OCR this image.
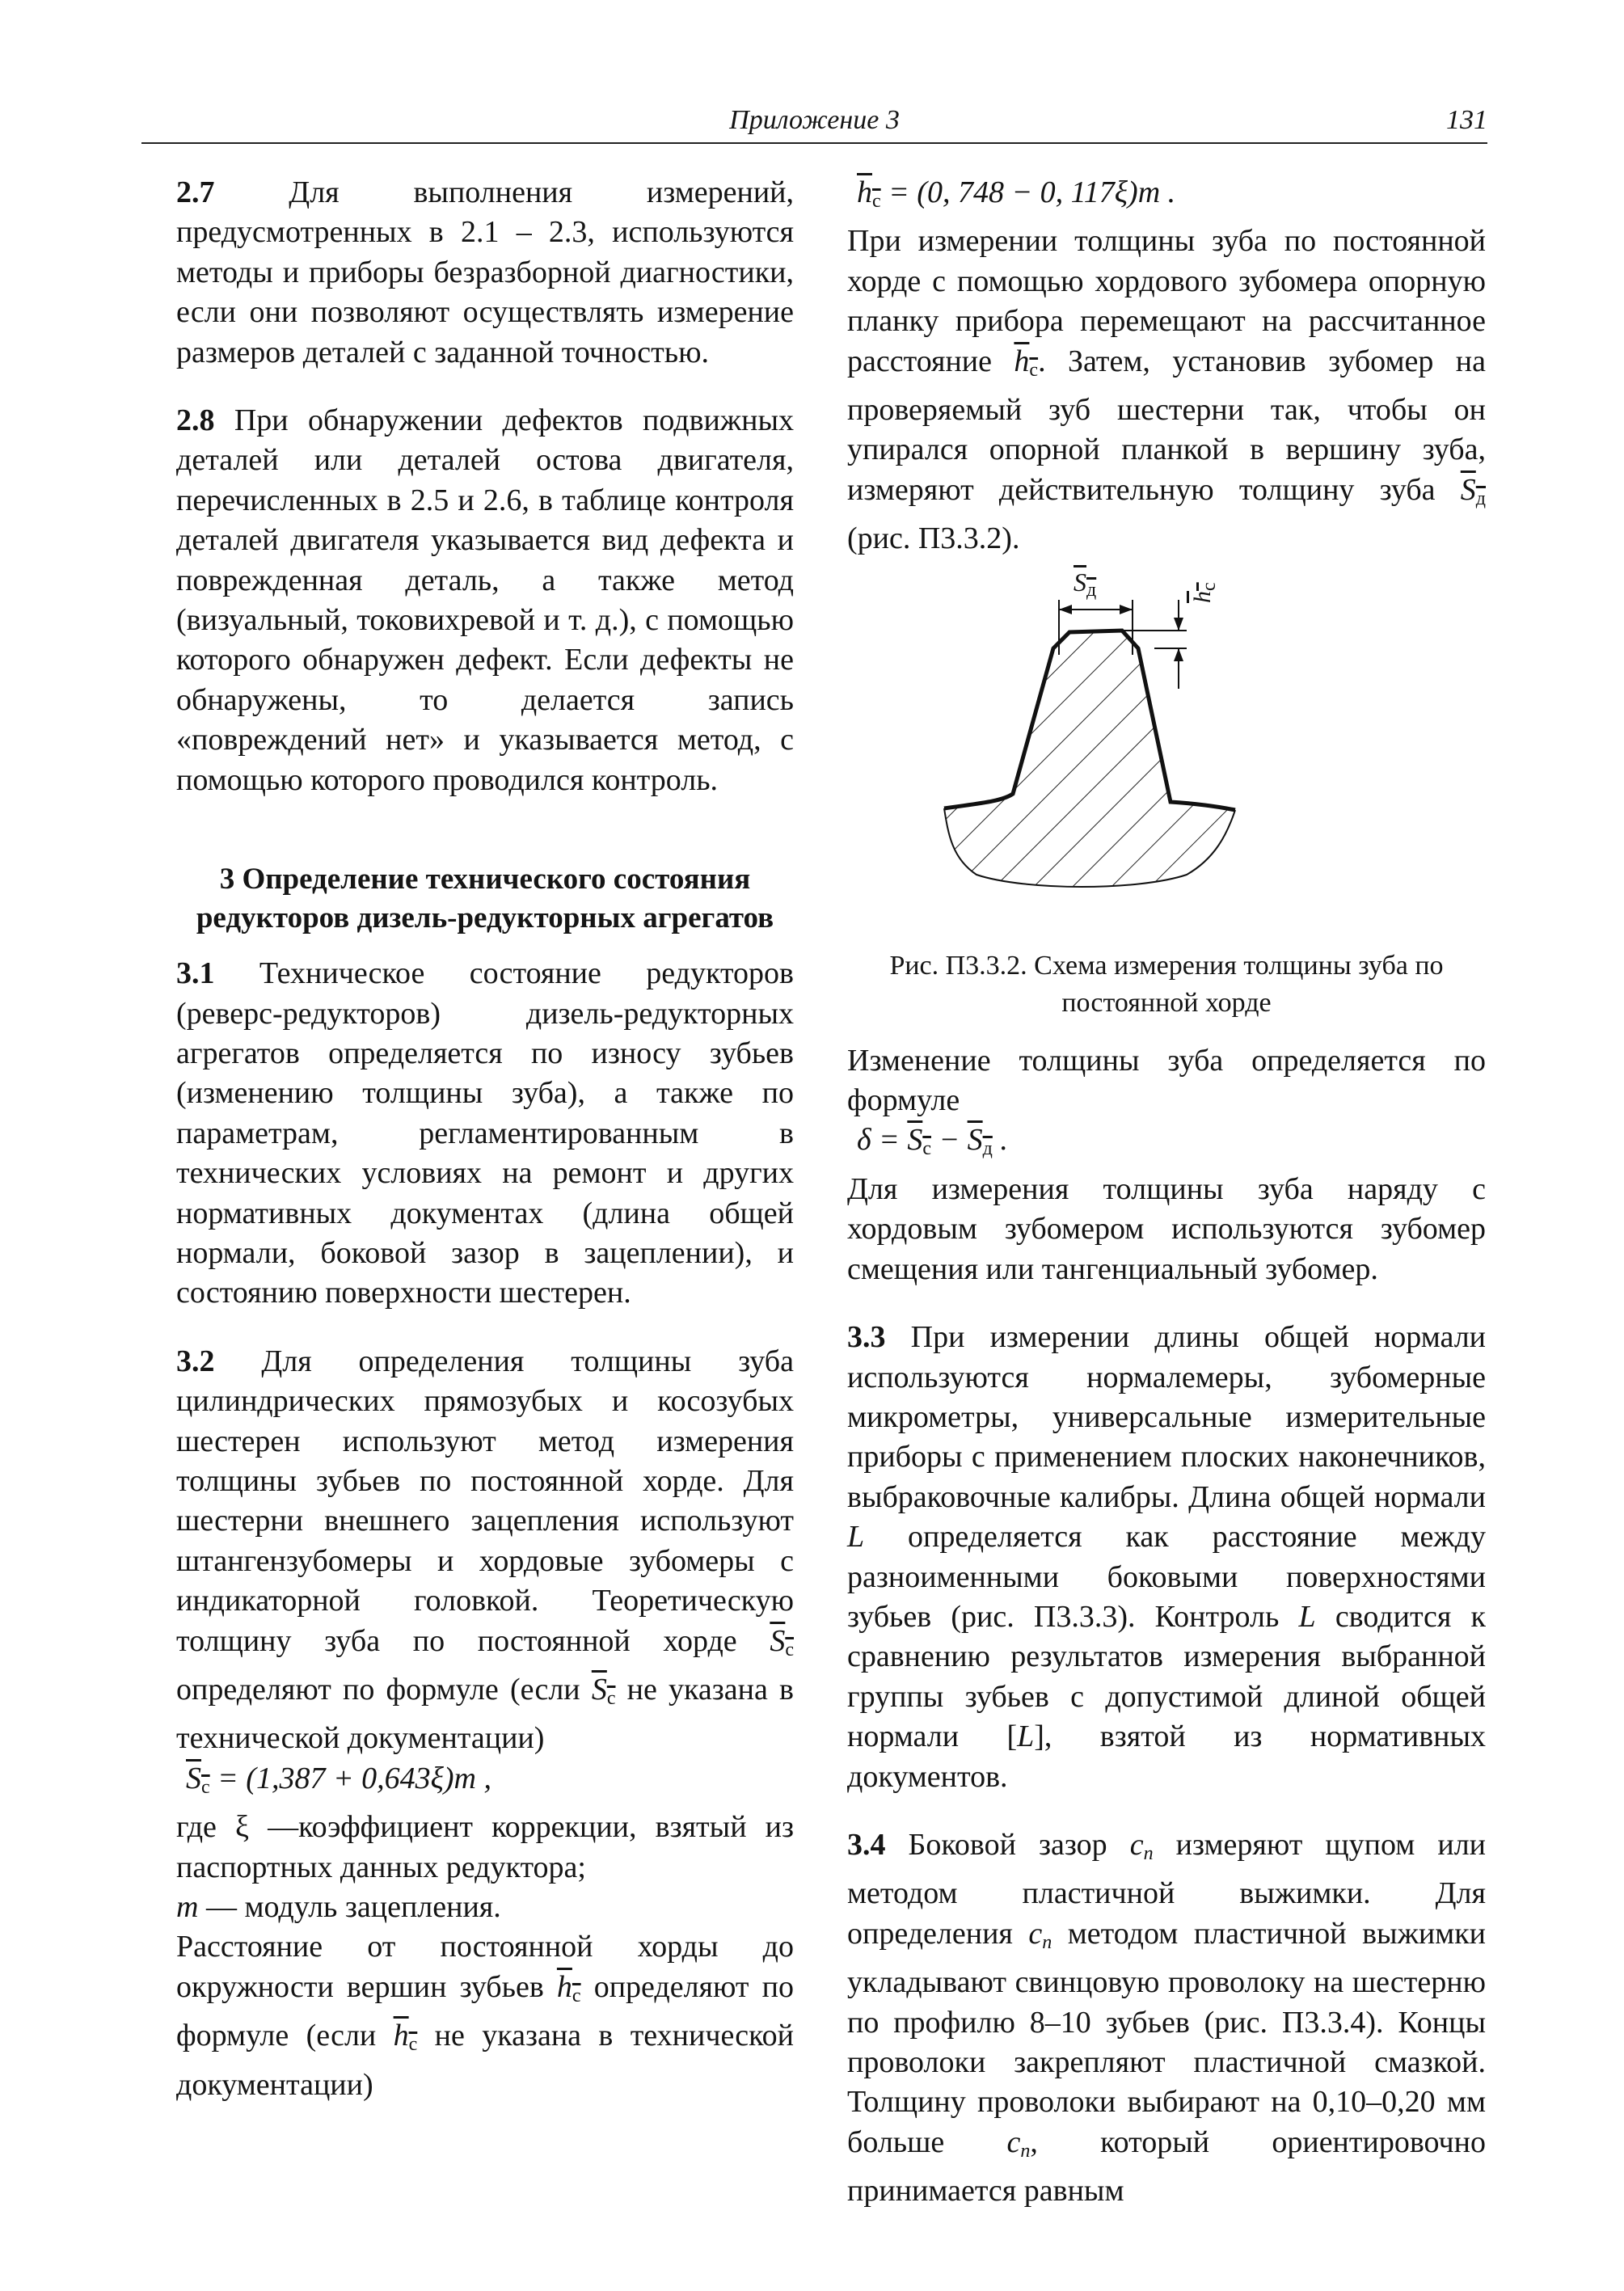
Приложение 3	131

2.7 Для выполнения измерений, предусмотренных в 2.1 – 2.3, используются методы и приборы безразборной диагностики, если они позволяют осуществлять измерение размеров деталей с заданной точностью.

2.8 При обнаружении дефектов подвижных деталей или деталей остова двигателя, перечисленных в 2.5 и 2.6, в таблице контроля деталей двигателя указывается вид дефекта и поврежденная деталь, а также метод (визуальный, токовихревой и т. д.), с помощью которого обнаружен дефект. Если дефекты не обнаружены, то делается запись «повреждений нет» и указывается метод, с помощью которого проводился контроль.

3 Определение технического состояния редукторов дизель-редукторных агрегатов

3.1 Техническое состояние редукторов (реверс-редукторов) дизель-редукторных агрегатов определяется по износу зубьев (изменению толщины зуба), а также по параметрам, регламентированным в технических условиях на ремонт и других нормативных документах (длина общей нормали, боковой зазор в зацеплении), и состоянию поверхности шестерен.

3.2 Для определения толщины зуба цилиндрических прямозубых и косозубых шестерен используют метод измерения толщины зубьев по постоянной хорде. Для шестерни внешнего зацепления используют штангензубомеры и хордовые зубомеры с индикаторной головкой. Теоретическую толщину зуба по постоянной хорде $S_c$ определяют по формуле (если $S_c$ не указана в технической документации)

$S_c = (1,387 + 0,643\xi)m$ ,

где ξ —коэффициент коррекции, взятый из паспортных данных редуктора;

m — модуль зацепления.

Расстояние от постоянной хорды до окружности вершин зубьев $h_c$ определяют по формуле (если $h_c$ не указана в технической документации)

$h_c = (0$, 748 − 0, 117ξ)m .

При измерении толщины зуба по постоянной хорде с помощью хордового зубомера опорную планку прибора перемещают на рассчитанное расстояние $h_c$. Затем, установив зубомер на проверяемый зуб шестерни так, чтобы он упирался опорной планкой в вершину зуба, измеряют действительную толщину зуба $S_д$ (рис. П3.3.2).

$S_д$	$h_c$
Рис. П3.3.2. Схема измерения толщины зуба по постоянной хорде

Изменение толщины зуба определяется по формуле

$\delta = S_c - S_д$ .

Для измерения толщины зуба наряду с хордовым зубомером используются зубомер смещения или тангенциальный зубомер.

3.3 При измерении длины общей нормали используются нормалемеры, зубомерные микрометры, универсальные измерительные приборы с применением плоских наконечников, выбраковочные калибры. Длина общей нормали L определяется как расстояние между разноименными боковыми поверхностями зубьев (рис. П3.3.3). Контроль L сводится к сравнению результатов измерения выбранной группы зубьев с допустимой длиной общей нормали [L], взятой из нормативных документов.

3.4 Боковой зазор $c_n$ измеряют щупом или методом пластичной выжимки. Для определения $c_n$ методом пластичной выжимки укладывают свинцовую проволоку на шестерню по профилю 8–10 зубьев (рис. П3.3.4). Концы проволоки закрепляют пластичной смазкой. Толщину проволоки выбирают на 0,10–0,20 мм больше $c_n$, который ориентировочно принимается равным
